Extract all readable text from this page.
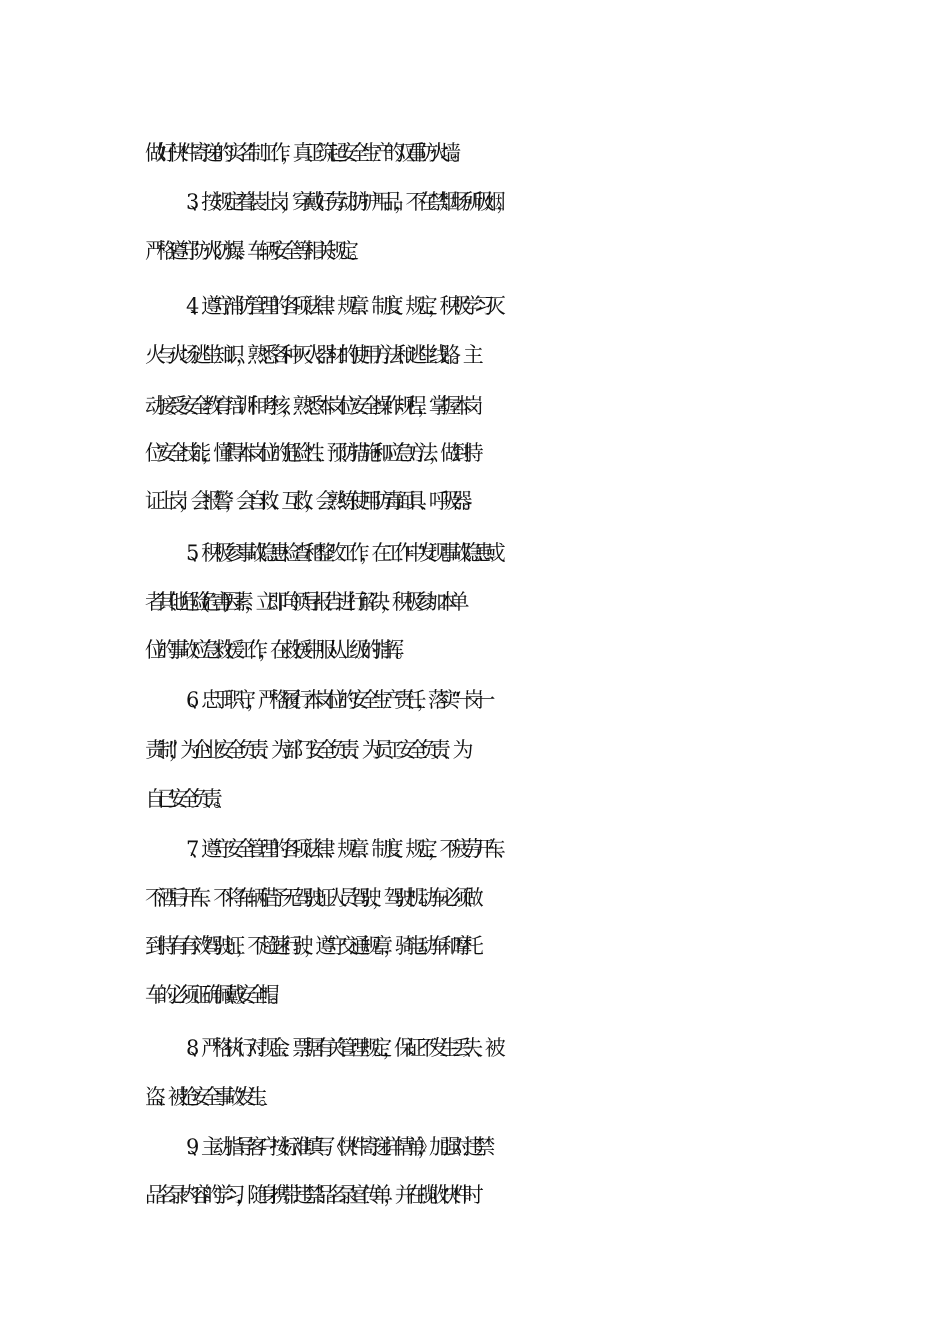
做好快件寄递的实名制工作，真正筑起安全生产的双重防火墙。

3、按规定着装上岗，穿戴好劳动防护用品，不在禁烟场所吸烟，

严格遵守防火防爆、车辆安全等相关规定。

4、遵守消防管理的各项法律、规章、制度、规定，积极学习灭

火与火场逃生知识，熟悉各种灭火器材的使用方法和逃生线路。主

动接受安全教育培训和考核，熟悉本岗位安全操作规程，掌握本岗

位安全技能，懂得本岗位的危险性、预防措施和应急方法，做到持

证上岗，会报警，会自救、互救，会熟练使用防毒面具、呼吸器。

5、积极参事故隐患检查和整改工作，在工作中发现事故隐患或

者其他危险(危害)因素，立即向领导报告进行解决，积极参加本单

位的事故应急救援工作，在救援中服从上级的指挥。

6、忠于职守，严格履行本岗位的安全生产责任，落实“一岗一

责制”，为企业安全负责、为部门安全负责、为员工安全负责、为

自己安全负责。

7、遵守安全管理的各项法律、规章、制度、规定，不疲劳开车、

不酒后开车、不将车辆借予无驾驶证人员驾驶，驾驶机动车必须做

到持有有效驾驶证，不超速行驶，遵守交通规章，骑电动车和摩托

车的必须正确佩戴安全帽。

8、严格执行对现金、票据有关管理规定，保证不发生丢失、被

盗、被抢安全事故发生。

9、主动指导客户按标准填写《快件寄递详情单》，加强对违禁

品名录内容的学习，随身携带违禁品名录宣传单，并在揽收快件时
